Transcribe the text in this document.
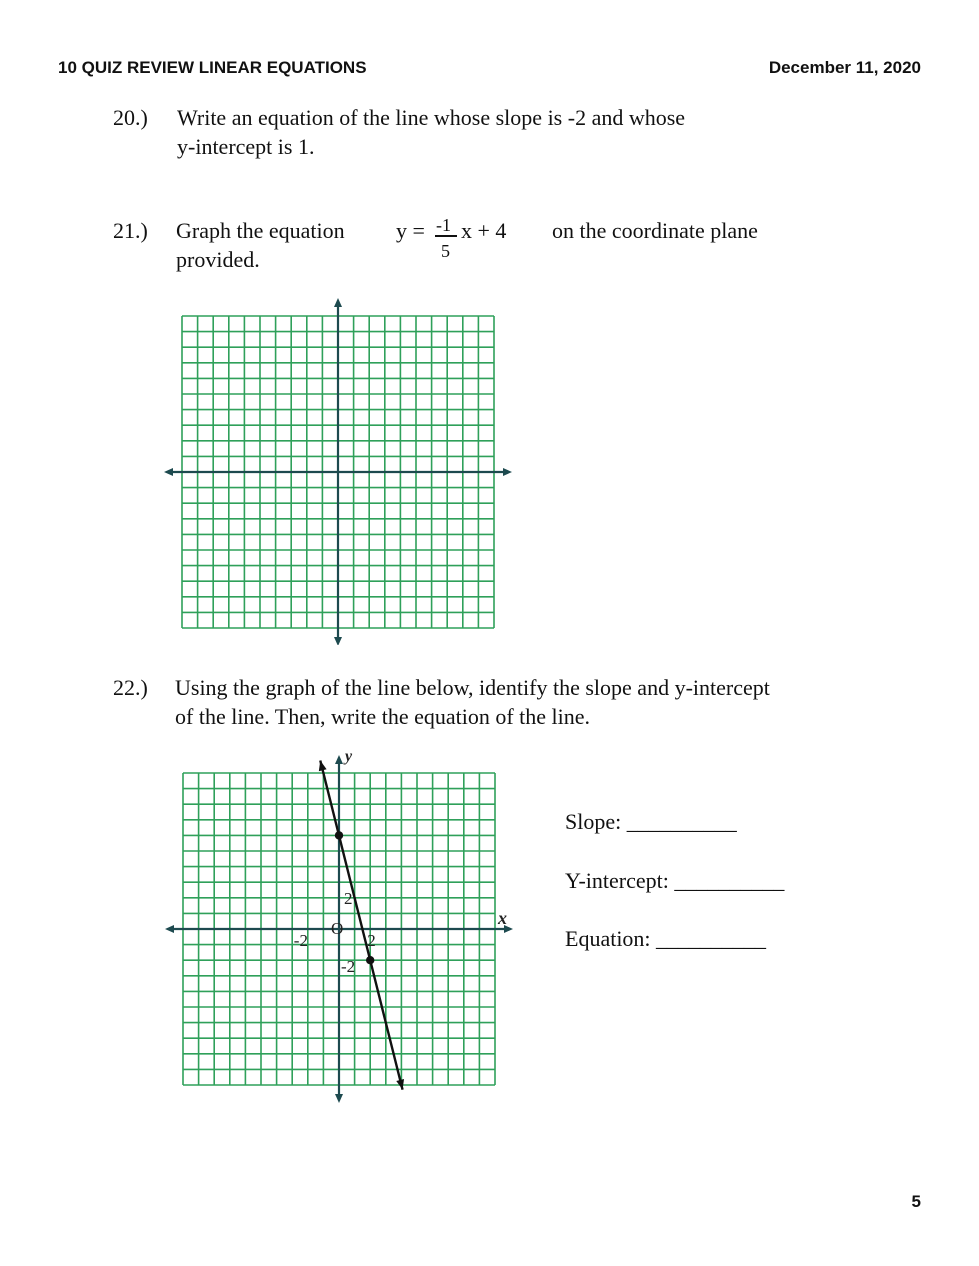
10 QUIZ REVIEW LINEAR EQUATIONS	December 11, 2020
20.) Write an equation of the line whose slope is -2 and whose
y-intercept is 1.
21.) Graph the equation y = -1
5
x + 4 on the coordinate plane
provided.
22.) Using the graph of the line below, identify the slope and y-intercept
of the line. Then, write the equation of the line.
y
x
O
-2	2
2
-2
Slope: __________
Y-intercept: __________
Equation: __________
5
